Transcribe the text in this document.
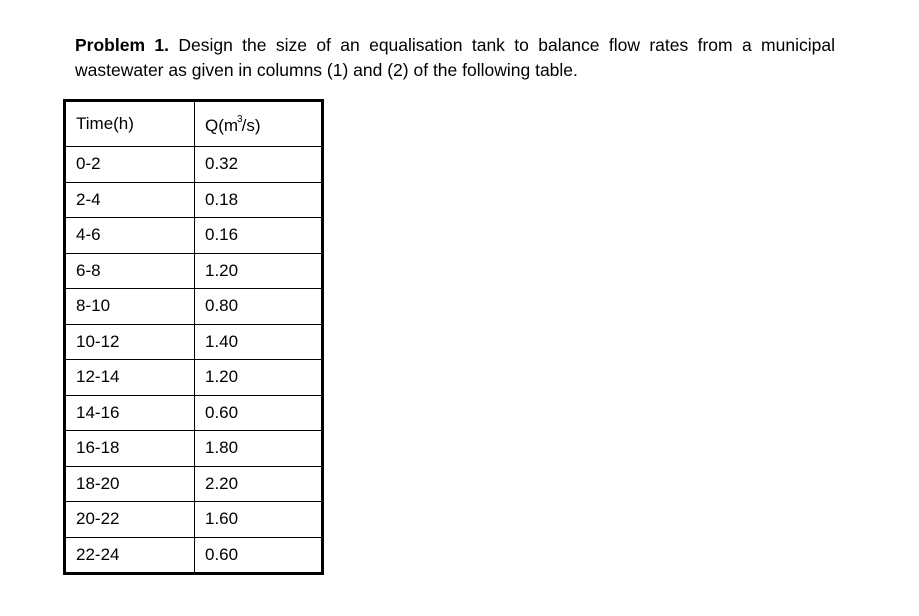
Problem 1. Design the size of an equalisation tank to balance flow rates from a municipal
wastewater as given in columns (1) and (2) of the following table.
Time(h)	$Q(m^3/s)$
0-2	0.32
2-4	0.18
4-6	0.16
6-8	1.20
8-10	0.80
10-12	1.40
12-14	1.20
14-16	0.60
16-18	1.80
18-20	2.20
20-22	1.60
22-24	0.60
